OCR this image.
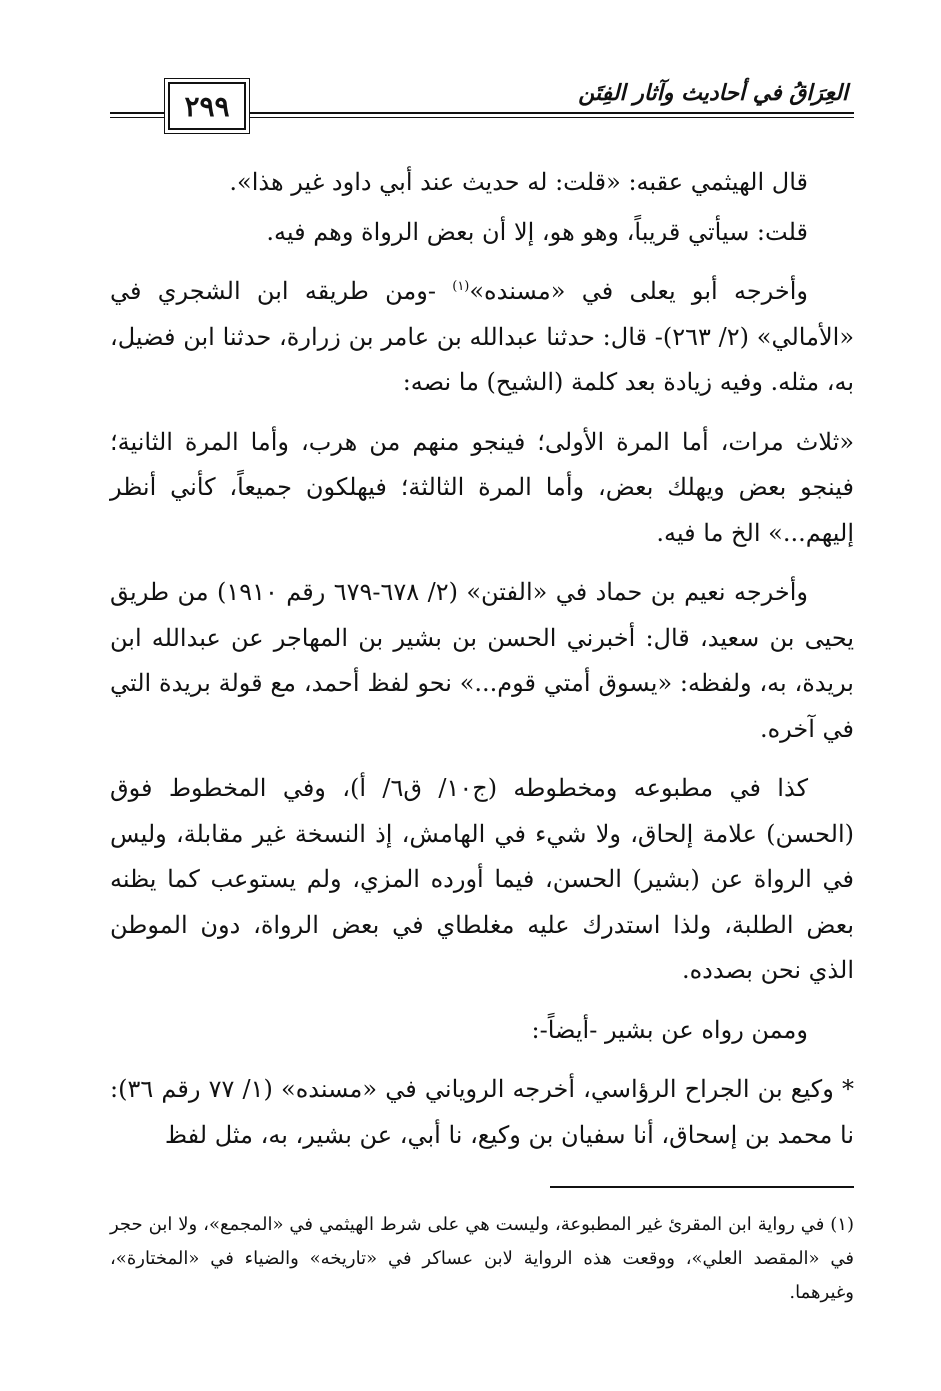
٢٩٩	العِرَاقُ في أحاديث وآثار الفِتَن

قال الهيثمي عقبه: «قلت: له حديث عند أبي داود غير هذا».

قلت: سيأتي قريباً، وهو هو، إلا أن بعض الرواة وهم فيه.

وأخرجه أبو يعلى في «مسنده»$^{(١)}$ -ومن طريقه ابن الشجري في «الأمالي» (٢/ ٢٦٣)- قال: حدثنا عبدالله بن عامر بن زرارة، حدثنا ابن فضيل، به، مثله. وفيه زيادة بعد كلمة (الشيح) ما نصه:

«ثلاث مرات، أما المرة الأولى؛ فينجو منهم من هرب، وأما المرة الثانية؛ فينجو بعض ويهلك بعض، وأما المرة الثالثة؛ فيهلكون جميعاً، كأني أنظر إليهم...» الخ ما فيه.

وأخرجه نعيم بن حماد في «الفتن» (٢/ ٦٧٨-٦٧٩ رقم ١٩١٠) من طريق يحيى بن سعيد، قال: أخبرني الحسن بن بشير بن المهاجر عن عبدالله ابن بريدة، به، ولفظه: «يسوق أمتي قوم...» نحو لفظ أحمد، مع قولة بريدة التي في آخره.

كذا في مطبوعه ومخطوطه (ج١٠/ ق٦/ أ)، وفي المخطوط فوق (الحسن) علامة إلحاق، ولا شيء في الهامش، إذ النسخة غير مقابلة، وليس في الرواة عن (بشير) الحسن، فيما أورده المزي، ولم يستوعب كما يظنه بعض الطلبة، ولذا استدرك عليه مغلطاي في بعض الرواة، دون الموطن الذي نحن بصدده.

وممن رواه عن بشير -أيضاً-:

* وكيع بن الجراح الرؤاسي، أخرجه الروياني في «مسنده» (١/ ٧٧ رقم ٣٦): نا محمد بن إسحاق، أنا سفيان بن وكيع، نا أبي، عن بشير، به، مثل لفظ

(١) في رواية ابن المقرئ غير المطبوعة، وليست هي على شرط الهيثمي في «المجمع»، ولا ابن حجر في «المقصد العلي»، ووقعت هذه الرواية لابن عساكر في «تاريخه» والضياء في «المختارة»، وغيرهما.
